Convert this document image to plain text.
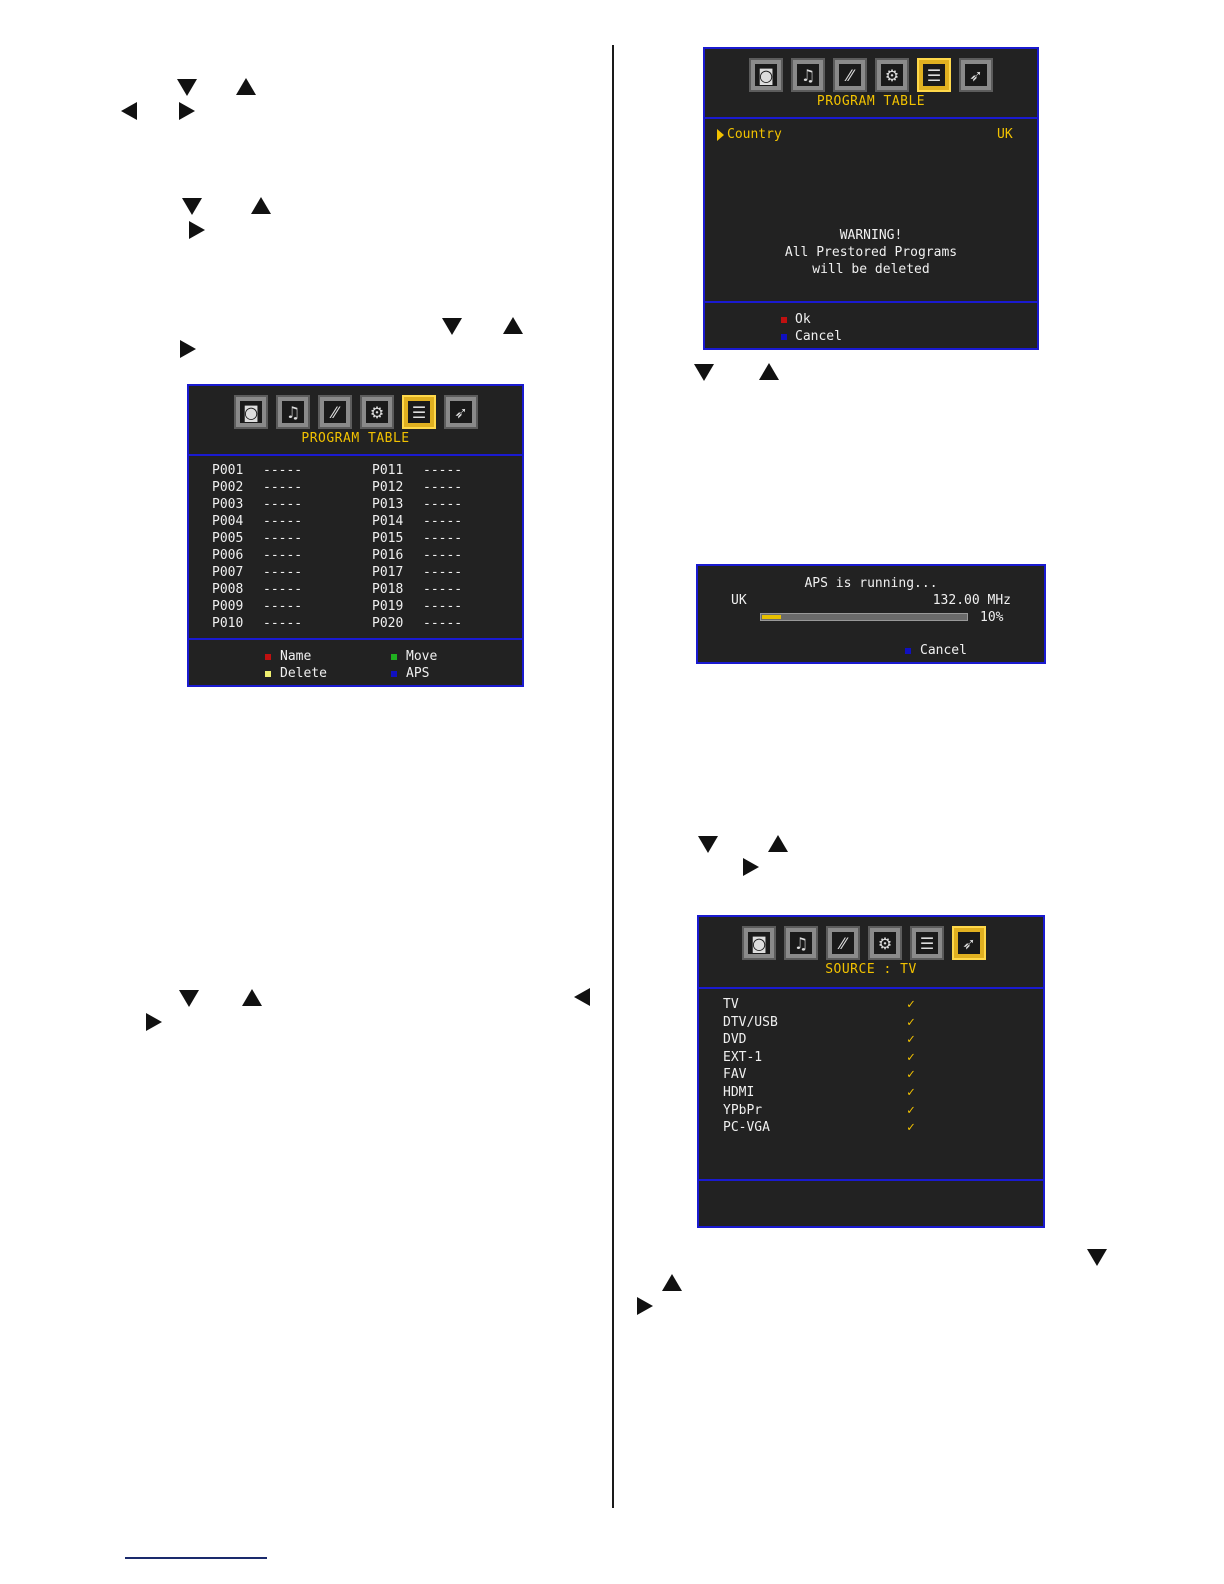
◙	♫	⁄⁄	⚙	☰	➶
PROGRAM TABLE
P001 -----
P002 -----
P003 -----
P004 -----
P005 -----
P006 -----
P007 -----
P008 -----
P009 -----
P010 -----
P011 -----
P012 -----
P013 -----
P014 -----
P015 -----
P016 -----
P017 -----
P018 -----
P019 -----
P020 -----
Name	Move
Delete	APS
◙	♫	⁄⁄	⚙	☰	➶
PROGRAM TABLE
Country	UK
WARNING!
All Prestored Programs
will be deleted
Ok
Cancel
APS is running...
UK	132.00 MHz
10%
Cancel
◙	♫	⁄⁄	⚙	☰	➶
SOURCE : TV
TV	✓
DTV/USB	✓
DVD	✓
EXT-1	✓
FAV	✓
HDMI	✓
YPbPr	✓
PC-VGA	✓
